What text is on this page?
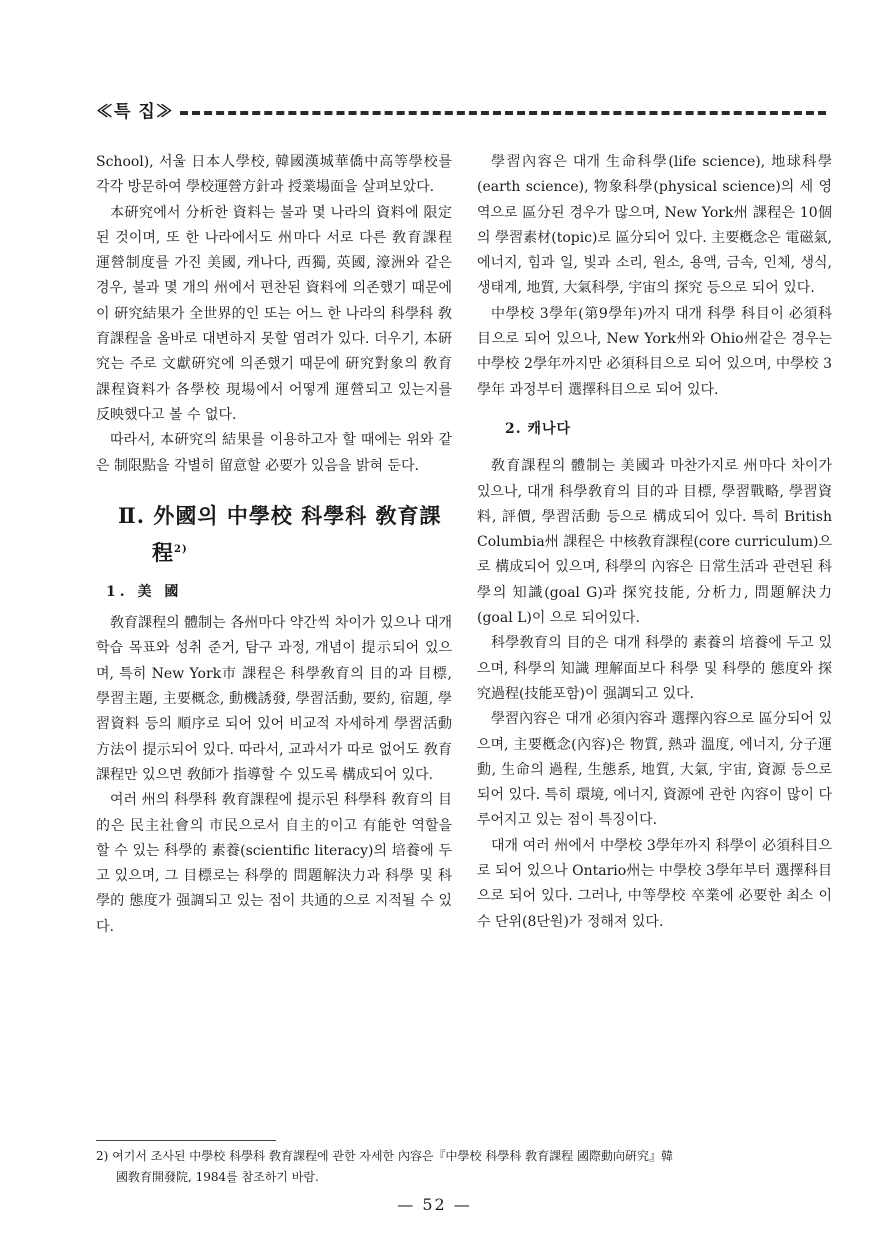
≪특 집≫

School), 서울 日本人學校, 韓國漢城華僑中高等學校를 각각 방문하여 學校運營方針과 授業場面을 살펴보았다.

本硏究에서 分析한 資料는 불과 몇 나라의 資料에 限定된 것이며, 또 한 나라에서도 州마다 서로 다른 敎育課程 運營制度를 가진 美國, 캐나다, 西獨, 英國, 濠洲와 같은 경우, 불과 몇 개의 州에서 편찬된 資料에 의존했기 때문에 이 硏究結果가 全世界的인 또는 어느 한 나라의 科學科 敎育課程을 올바로 대변하지 못할 염려가 있다. 더우기, 本硏究는 주로 文獻硏究에 의존했기 때문에 硏究對象의 敎育課程資料가 各學校 現場에서 어떻게 運營되고 있는지를 反映했다고 볼 수 없다.

따라서, 本硏究의 結果를 이용하고자 할 때에는 위와 같은 制限點을 각별히 留意할 必要가 있음을 밝혀 둔다.

Ⅱ. 外國의 中學校 科學科 敎育課
程$^{2)}$
1. 美 國

敎育課程의 體制는 各州마다 약간씩 차이가 있으나 대개 학습 목표와 성취 준거, 탐구 과정, 개념이 提示되어 있으며, 특히 New York市 課程은 科學敎育의 目的과 目標, 學習主題, 主要概念, 動機誘發, 學習活動, 要約, 宿題, 學習資料 등의 順序로 되어 있어 비교적 자세하게 學習活動方法이 提示되어 있다. 따라서, 교과서가 따로 없어도 敎育課程만 있으면 敎師가 指導할 수 있도록 構成되어 있다.

여러 州의 科學科 敎育課程에 提示된 科學科 敎育의 目的은 民主社會의 市民으로서 自主的이고 有能한 역할을 할 수 있는 科學的 素養(scientific literacy)의 培養에 두고 있으며, 그 目標로는 科學的 問題解決力과 科學 및 科學的 態度가 强調되고 있는 점이 共通的으로 지적될 수 있다.

學習內容은 대개 生命科學(life science), 地球科學(earth science), 物象科學(physical science)의 세 영역으로 區分된 경우가 많으며, New York州 課程은 10個의 學習素材(topic)로 區分되어 있다. 主要槪念은 電磁氣, 에너지, 힘과 일, 빛과 소리, 원소, 용액, 금속, 인체, 생식, 생태계, 地質, 大氣科學, 宇宙의 探究 등으로 되어 있다.

中學校 3學年(第9學年)까지 대개 科學 科目이 必須科目으로 되어 있으나, New York州와 Ohio州같은 경우는 中學校 2學年까지만 必須科目으로 되어 있으며, 中學校 3學年 과정부터 選擇科目으로 되어 있다.

2. 캐나다

敎育課程의 體制는 美國과 마찬가지로 州마다 차이가 있으나, 대개 科學敎育의 目的과 目標, 學習戰略, 學習資料, 評價, 學習活動 등으로 構成되어 있다. 특히 British Columbia州 課程은 中核敎育課程(core curriculum)으로 構成되어 있으며, 科學의 內容은 日常生活과 관련된 科學의 知識(goal G)과 探究技能, 分析力, 問題解決力(goal L)이 으로 되어있다.

科學敎育의 目的은 대개 科學的 素養의 培養에 두고 있으며, 科學의 知識 理解面보다 科學 및 科學的 態度와 探究過程(技能포함)이 强調되고 있다.

學習內容은 대개 必須內容과 選擇內容으로 區分되어 있으며, 主要槪念(內容)은 物質, 熱과 溫度, 에너지, 分子運動, 生命의 過程, 生態系, 地質, 大氣, 宇宙, 資源 등으로 되어 있다. 특히 環境, 에너지, 資源에 관한 內容이 많이 다루어지고 있는 점이 특징이다.

대개 여러 州에서 中學校 3學年까지 科學이 必須科目으로 되어 있으나 Ontario州는 中學校 3學年부터 選擇科目으로 되어 있다. 그러나, 中等學校 卒業에 必要한 최소 이수 단위(8단원)가 정해져 있다.

2) 여기서 조사된 中學校 科學科 敎育課程에 관한 자세한 內容은『中學校 科學科 敎育課程 國際動向硏究』韓
國敎育開發院, 1984를 참조하기 바람.
— 52 —
